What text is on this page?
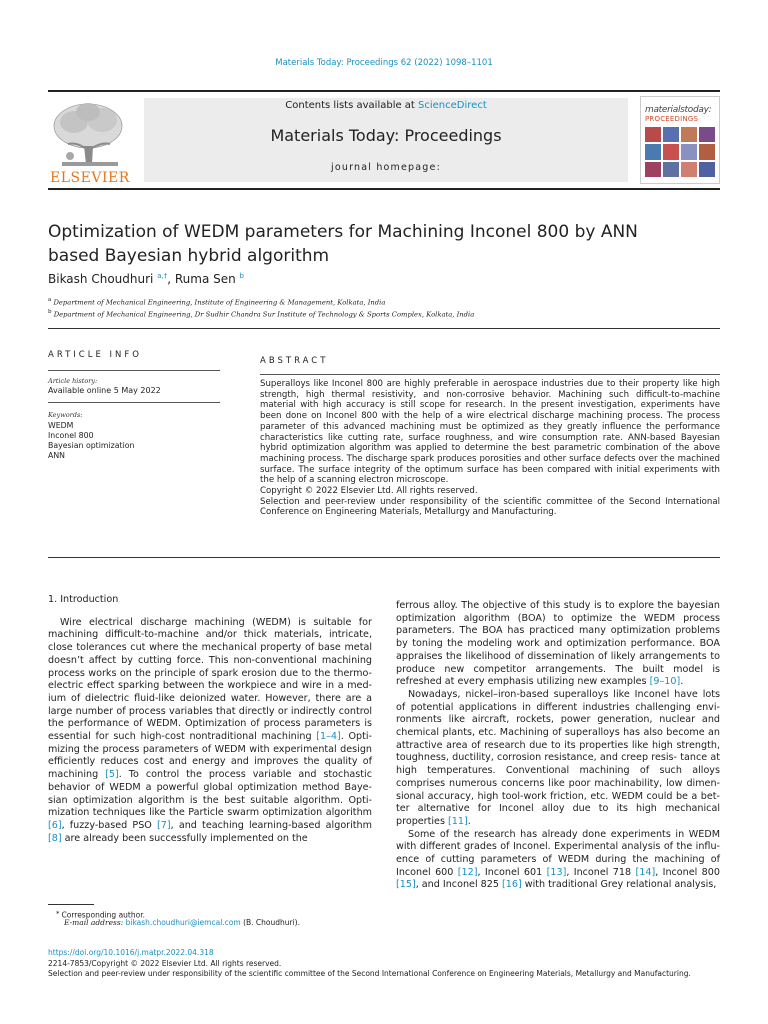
Materials Today: Proceedings 62 (2022) 1098–1101
ELSEVIER
Contents lists available at ScienceDirect
Materials Today: Proceedings
journal homepage:
materialstoday:
PROCEEDINGS
Optimization of WEDM parameters for Machining Inconel 800 by ANN based Bayesian hybrid algorithm
Bikash Choudhuri $^{a,\dagger}$, Ruma Sen $^b$
$^a$ Department of Mechanical Engineering, Institute of Engineering & Management, Kolkata, India
$^b$ Department of Mechanical Engineering, Dr Sudhir Chandra Sur Institute of Technology & Sports Complex, Kolkata, India
ARTICLE INFO
Article history:
Available online 5 May 2022
Keywords:
WEDM
Inconel 800
Bayesian optimization
ANN
ABSTRACT

Superalloys like Inconel 800 are highly preferable in aerospace industries due to their property like high strength, high thermal resistivity, and non-corrosive behavior. Machining such difficult-to-machine material with high accuracy is still scope for research. In the present investigation, experiments have been done on Inconel 800 with the help of a wire electrical discharge machining process. The process parameter of this advanced machining must be optimized as they greatly influence the performance characteristics like cutting rate, surface roughness, and wire consumption rate. ANN-based Bayesian hybrid optimization algorithm was applied to determine the best parametric combination of the above machining process. The discharge spark produces porosities and other surface defects over the machined surface. The surface integrity of the optimum surface has been compared with initial experiments with the help of a scanning electron microscope.

Copyright © 2022 Elsevier Ltd. All rights reserved.

Selection and peer-review under responsibility of the scientific committee of the Second International Conference on Engineering Materials, Metallurgy and Manufacturing.

1. Introduction

Wire electrical discharge machining (WEDM) is suitable for machining difficult-to-machine and/or thick materials, intricate, close tolerances cut where the mechanical property of base metal doesn’t affect by cutting force. This non-conventional machining process works on the principle of spark erosion due to the thermo- electric effect sparking between the workpiece and wire in a med- ium of dielectric fluid-like deionized water. However, there are a large number of process variables that directly or indirectly control the performance of WEDM. Optimization of process parameters is essential for such high-cost nontraditional machining [1–4]. Opti- mizing the process parameters of WEDM with experimental design efficiently reduces cost and energy and improves the quality of machining [5]. To control the process variable and stochastic behavior of WEDM a powerful global optimization method Baye- sian optimization algorithm is the best suitable algorithm. Opti- mization techniques like the Particle swarm optimization algorithm [6], fuzzy-based PSO [7], and teaching learning-based algorithm [8] are already been successfully implemented on the

ferrous alloy. The objective of this study is to explore the bayesian optimization algorithm (BOA) to optimize the WEDM process parameters. The BOA has practiced many optimization problems by toning the modeling work and optimization performance. BOA appraises the likelihood of dissemination of likely arrangements to produce new competitor arrangements. The built model is refreshed at every emphasis utilizing new examples [9–10].

Nowadays, nickel–iron-based superalloys like Inconel have lots of potential applications in different industries challenging envi- ronments like aircraft, rockets, power generation, nuclear and chemical plants, etc. Machining of superalloys has also become an attractive area of research due to its properties like high strength, toughness, ductility, corrosion resistance, and creep resis- tance at high temperatures. Conventional machining of such alloys comprises numerous concerns like poor machinability, low dimen- sional accuracy, high tool-work friction, etc. WEDM could be a bet- ter alternative for Inconel alloy due to its high mechanical properties [11].

Some of the research has already done experiments in WEDM with different grades of Inconel. Experimental analysis of the influ- ence of cutting parameters of WEDM during the machining of Inconel 600 [12], Inconel 601 [13], Inconel 718 [14], Inconel 800 [15], and Inconel 825 [16] with traditional Grey relational analysis,

⁎ Corresponding author.
E-mail address: bikash.choudhuri@iemcal.com (B. Choudhuri).
https://doi.org/10.1016/j.matpr.2022.04.318
2214-7853/Copyright © 2022 Elsevier Ltd. All rights reserved.
Selection and peer-review under responsibility of the scientific committee of the Second International Conference on Engineering Materials, Metallurgy and Manufacturing.
